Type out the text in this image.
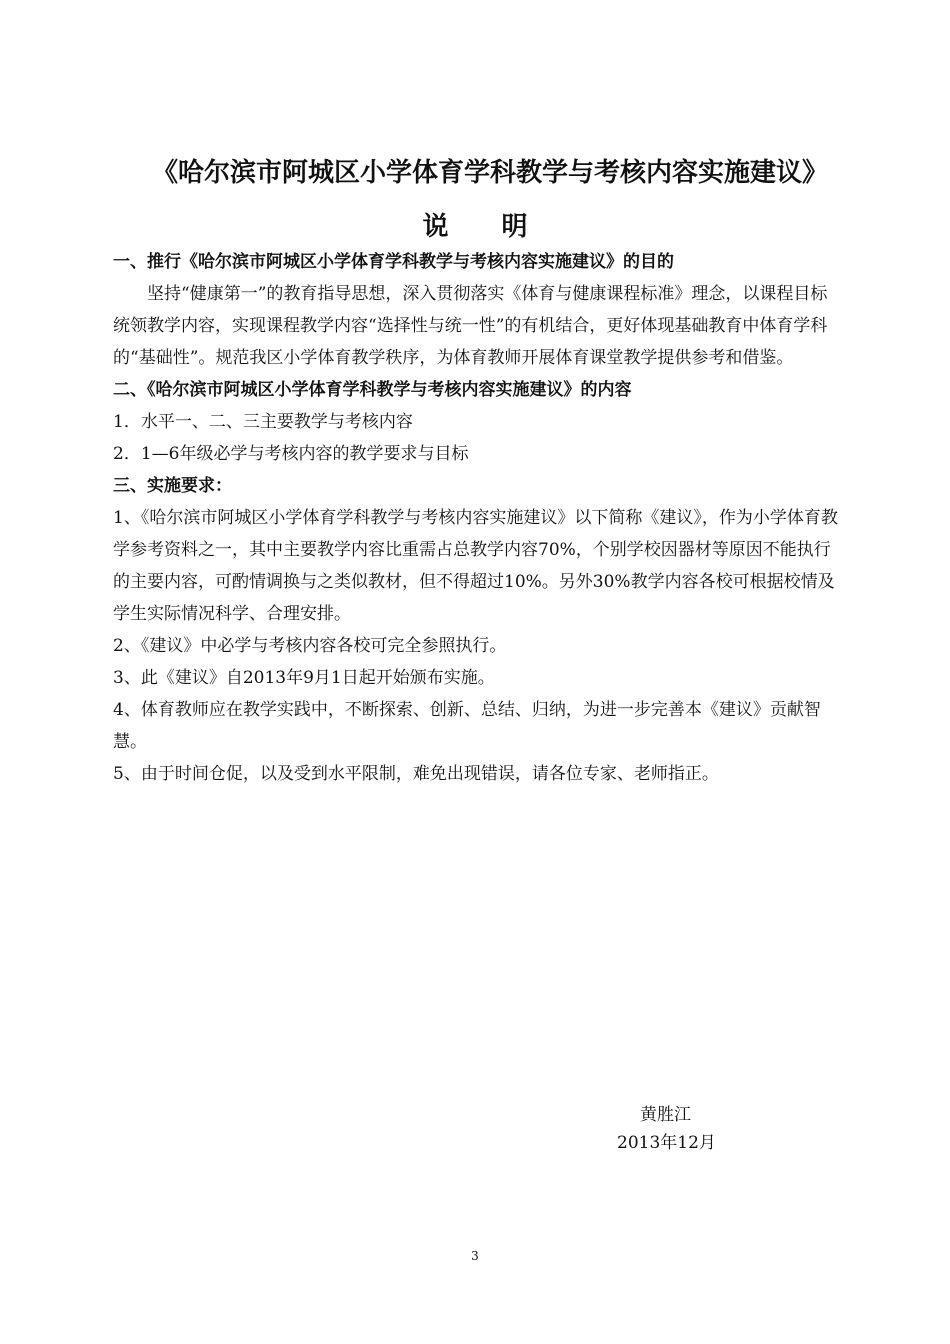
《哈尔滨市阿城区小学体育学科教学与考核内容实施建议》
说 明

一、推行《哈尔滨市阿城区小学体育学科教学与考核内容实施建议》的目的

坚持“健康第一”的教育指导思想，深入贯彻落实《体育与健康课程标准》理念，以课程目标统领教学内容，实现课程教学内容“选择性与统一性”的有机结合，更好体现基础教育中体育学科的“基础性”。规范我区小学体育教学秩序，为体育教师开展体育课堂教学提供参考和借鉴。

二、《哈尔滨市阿城区小学体育学科教学与考核内容实施建议》的内容

1．水平一、二、三主要教学与考核内容

2．1—6年级必学与考核内容的教学要求与目标

三、实施要求：

1、《哈尔滨市阿城区小学体育学科教学与考核内容实施建议》以下简称《建议》，作为小学体育教学参考资料之一，其中主要教学内容比重需占总教学内容70%，个别学校因器材等原因不能执行的主要内容，可酌情调换与之类似教材，但不得超过10%。另外30%教学内容各校可根据校情及学生实际情况科学、合理安排。

2、《建议》中必学与考核内容各校可完全参照执行。

3、此《建议》自2013年9月1日起开始颁布实施。

4、体育教师应在教学实践中，不断探索、创新、总结、归纳，为进一步完善本《建议》贡献智慧。

5、由于时间仓促，以及受到水平限制，难免出现错误，请各位专家、老师指正。

黄胜江
2013年12月
3
